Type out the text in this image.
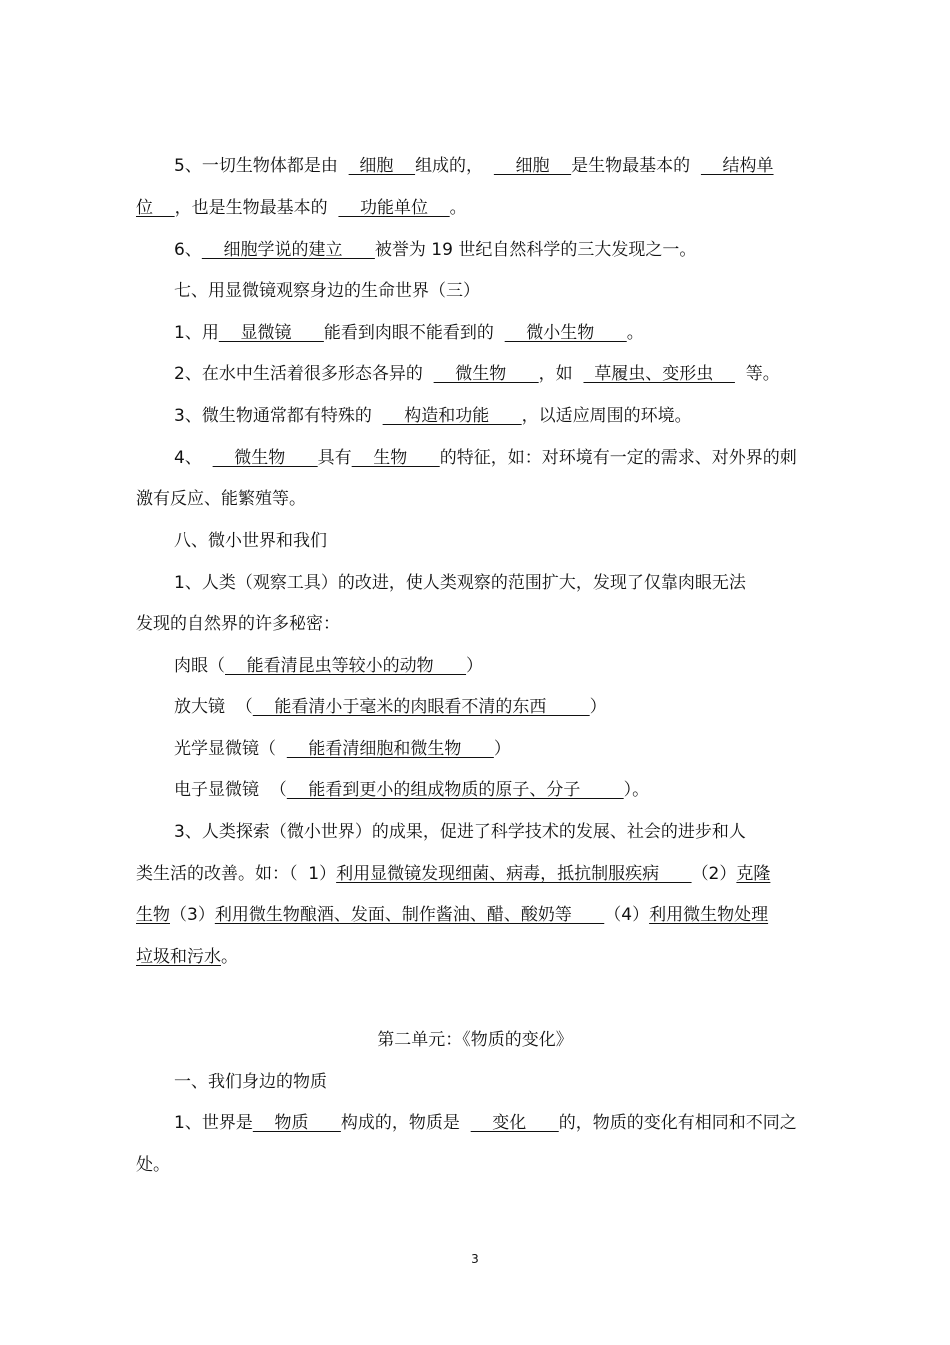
5、一切生物体都是由    细胞    组成的，      细胞    是生物最基本的      结构单
位    ，也是生物最基本的      功能单位    。
6、    细胞学说的建立      被誉为 19 世纪自然科学的三大发现之一。
七、用显微镜观察身边的生命世界（三）
1、用    显微镜      能看到肉眼不能看到的      微小生物      。
2、在水中生活着很多形态各异的      微生物      ，如    草履虫、变形虫      等。
3、微生物通常都有特殊的      构造和功能      ，以适应周围的环境。
4、      微生物      具有    生物      的特征，如：对环境有一定的需求、对外界的刺
激有反应、能繁殖等。
八、微小世界和我们
1、人类（观察工具）的改进，使人类观察的范围扩大，发现了仅靠肉眼无法
发现的自然界的许多秘密：
肉眼（    能看清昆虫等较小的动物      ）
放大镜  （    能看清小于毫米的肉眼看不清的东西        ）
光学显微镜（      能看清细胞和微生物      ）
电子显微镜  （    能看到更小的组成物质的原子、分子        ）。
3、人类探索（微小世界）的成果，促进了科学技术的发展、社会的进步和人
类生活的改善。如：（  1）利用显微镜发现细菌、病毒，抵抗制服疾病      （2）克隆
生物（3）利用微生物酿酒、发面、制作酱油、醋、酸奶等      （4）利用微生物处理
垃圾和污水。
第二单元：《物质的变化》
一、我们身边的物质
1、世界是    物质      构成的，物质是      变化      的，物质的变化有相同和不同之
处。
3
